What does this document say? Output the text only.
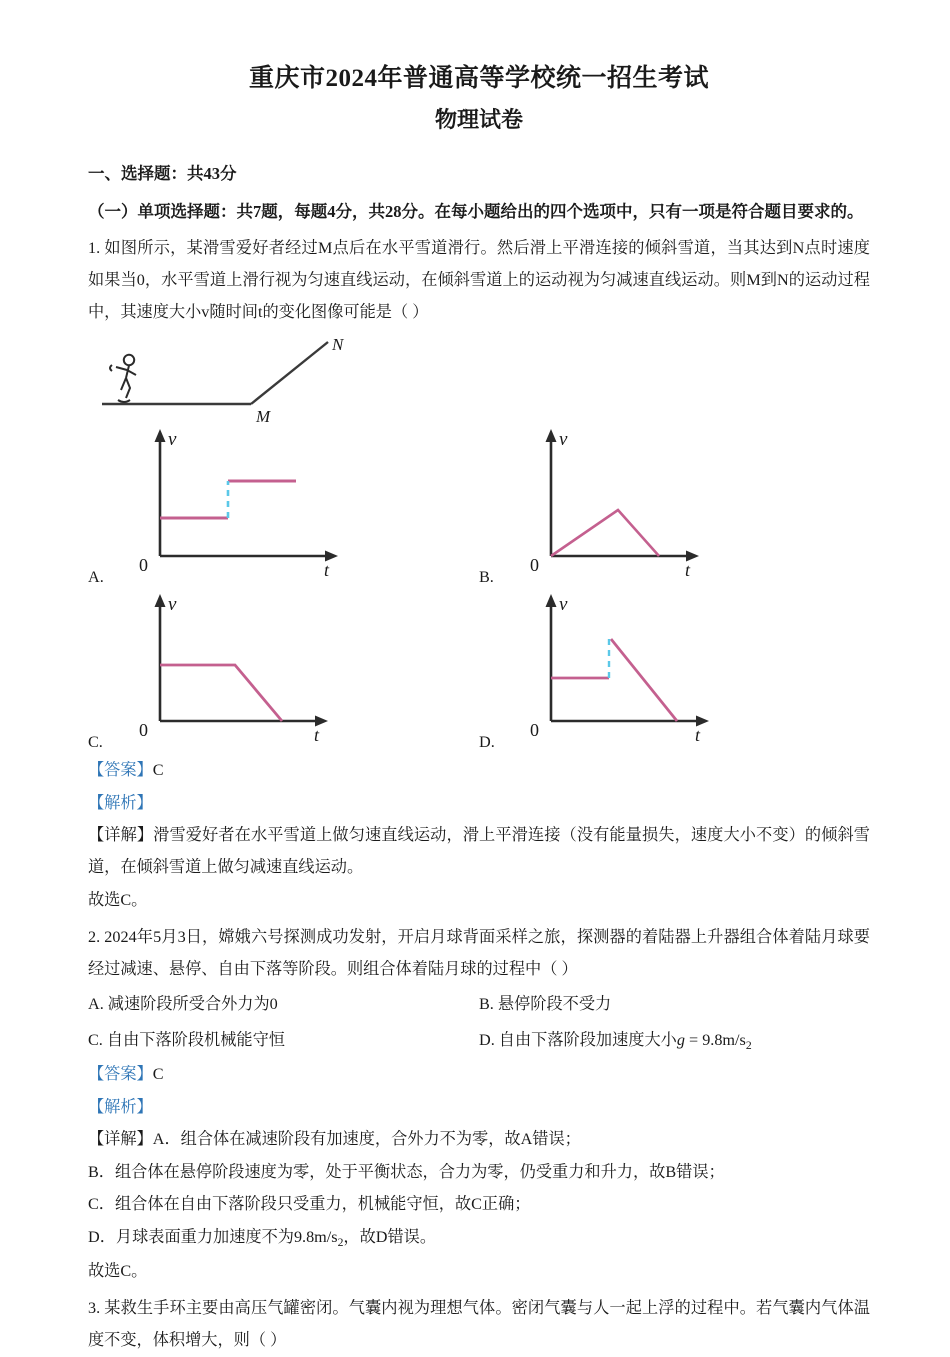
重庆市2024年普通高等学校统一招生考试
物理试卷
一、选择题：共43分
（一）单项选择题：共7题，每题4分，共28分。在每小题给出的四个选项中，只有一项是符合题目要求的。

1. 如图所示，某滑雪爱好者经过M点后在水平雪道滑行。然后滑上平滑连接的倾斜雪道，当其达到N点时速度如果当0，水平雪道上滑行视为匀速直线运动，在倾斜雪道上的运动视为匀减速直线运动。则M到N的运动过程中，其速度大小v随时间t的变化图像可能是（ ）

M
N
A.
0
v
t	B.
0
v
t
C.
0
v
t	D.
0
v
t

【答案】C

【解析】

【详解】滑雪爱好者在水平雪道上做匀速直线运动，滑上平滑连接（没有能量损失，速度大小不变）的倾斜雪道，在倾斜雪道上做匀减速直线运动。

故选C。

2. 2024年5月3日，嫦娥六号探测成功发射，开启月球背面采样之旅，探测器的着陆器上升器组合体着陆月球要经过减速、悬停、自由下落等阶段。则组合体着陆月球的过程中（ ）

A. 减速阶段所受合外力为0	B. 悬停阶段不受力
C. 自由下落阶段机械能守恒	D. 自由下落阶段加速度大小$g = 9.8m/s_2$

【答案】C

【解析】

【详解】A．组合体在减速阶段有加速度，合外力不为零，故A错误；

B．组合体在悬停阶段速度为零，处于平衡状态，合力为零，仍受重力和升力，故B错误；

C．组合体在自由下落阶段只受重力，机械能守恒，故C正确；

D．月球表面重力加速度不为$9.8m/s_2$，故D错误。

故选C。

3. 某救生手环主要由高压气罐密闭。气囊内视为理想气体。密闭气囊与人一起上浮的过程中。若气囊内气体温度不变，体积增大，则（ ）
